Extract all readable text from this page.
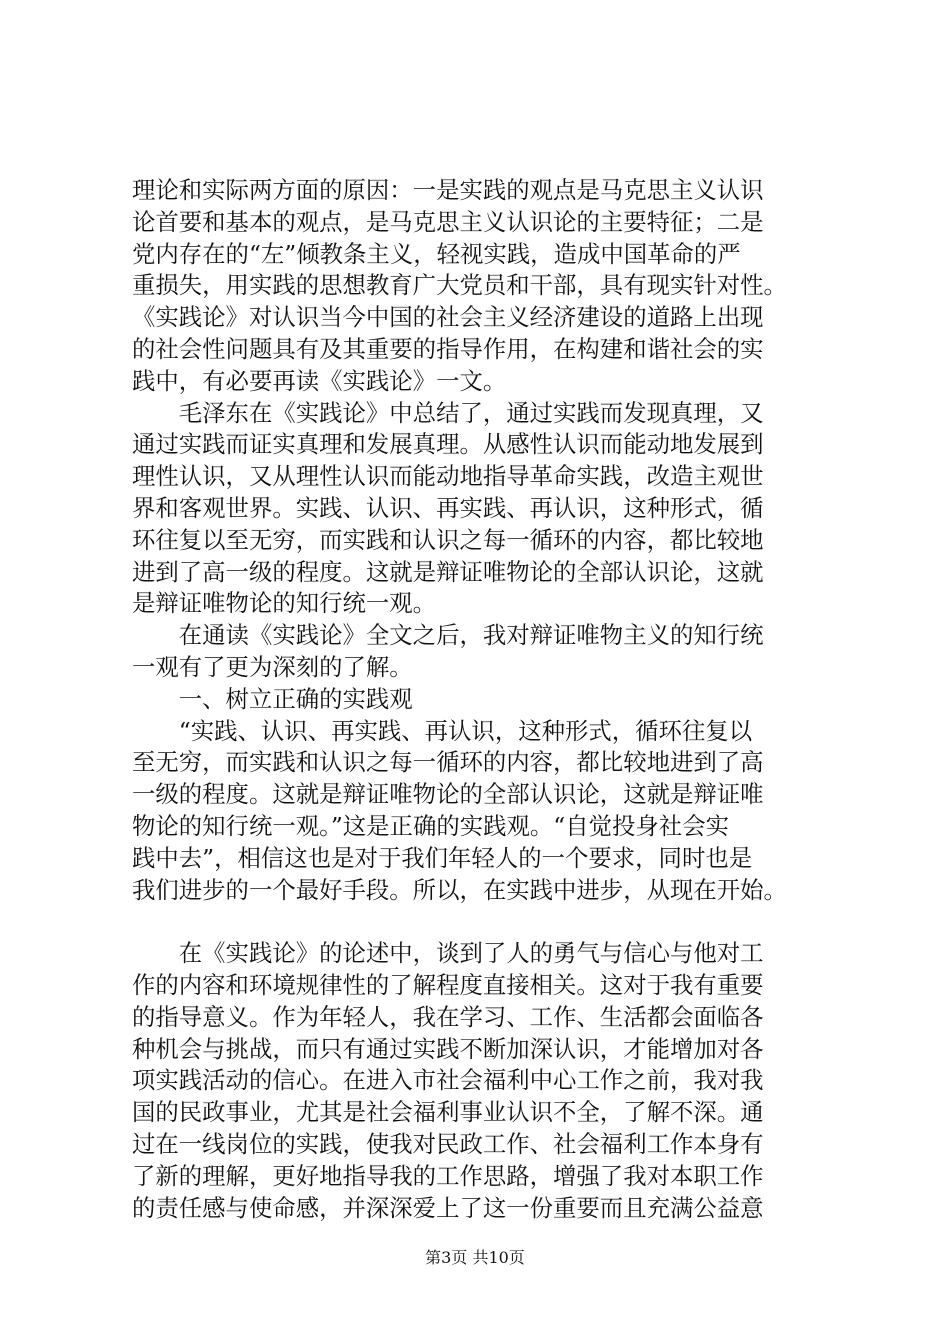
理论和实际两方面的原因：一是实践的观点是马克思主义认识
论首要和基本的观点，是马克思主义认识论的主要特征；二是
党内存在的“左”倾教条主义，轻视实践，造成中国革命的严
重损失，用实践的思想教育广大党员和干部，具有现实针对性。
《实践论》对认识当今中国的社会主义经济建设的道路上出现
的社会性问题具有及其重要的指导作用，在构建和谐社会的实
践中，有必要再读《实践论》一文。
　　毛泽东在《实践论》中总结了，通过实践而发现真理，又
通过实践而证实真理和发展真理。从感性认识而能动地发展到
理性认识，又从理性认识而能动地指导革命实践，改造主观世
界和客观世界。实践、认识、再实践、再认识，这种形式，循
环往复以至无穷，而实践和认识之每一循环的内容，都比较地
进到了高一级的程度。这就是辩证唯物论的全部认识论，这就
是辩证唯物论的知行统一观。
　　在通读《实践论》全文之后，我对辩证唯物主义的知行统
一观有了更为深刻的了解。
　　一、树立正确的实践观
　　“实践、认识、再实践、再认识，这种形式，循环往复以
至无穷，而实践和认识之每一循环的内容，都比较地进到了高
一级的程度。这就是辩证唯物论的全部认识论，这就是辩证唯
物论的知行统一观。”这是正确的实践观。“自觉投身社会实
践中去”，相信这也是对于我们年轻人的一个要求，同时也是
我们进步的一个最好手段。所以，在实践中进步，从现在开始。
　　在《实践论》的论述中，谈到了人的勇气与信心与他对工
作的内容和环境规律性的了解程度直接相关。这对于我有重要
的指导意义。作为年轻人，我在学习、工作、生活都会面临各
种机会与挑战，而只有通过实践不断加深认识，才能增加对各
项实践活动的信心。在进入市社会福利中心工作之前，我对我
国的民政事业，尤其是社会福利事业认识不全，了解不深。通
过在一线岗位的实践，使我对民政工作、社会福利工作本身有
了新的理解，更好地指导我的工作思路，增强了我对本职工作
的责任感与使命感，并深深爱上了这一份重要而且充满公益意
第3页 共10页
